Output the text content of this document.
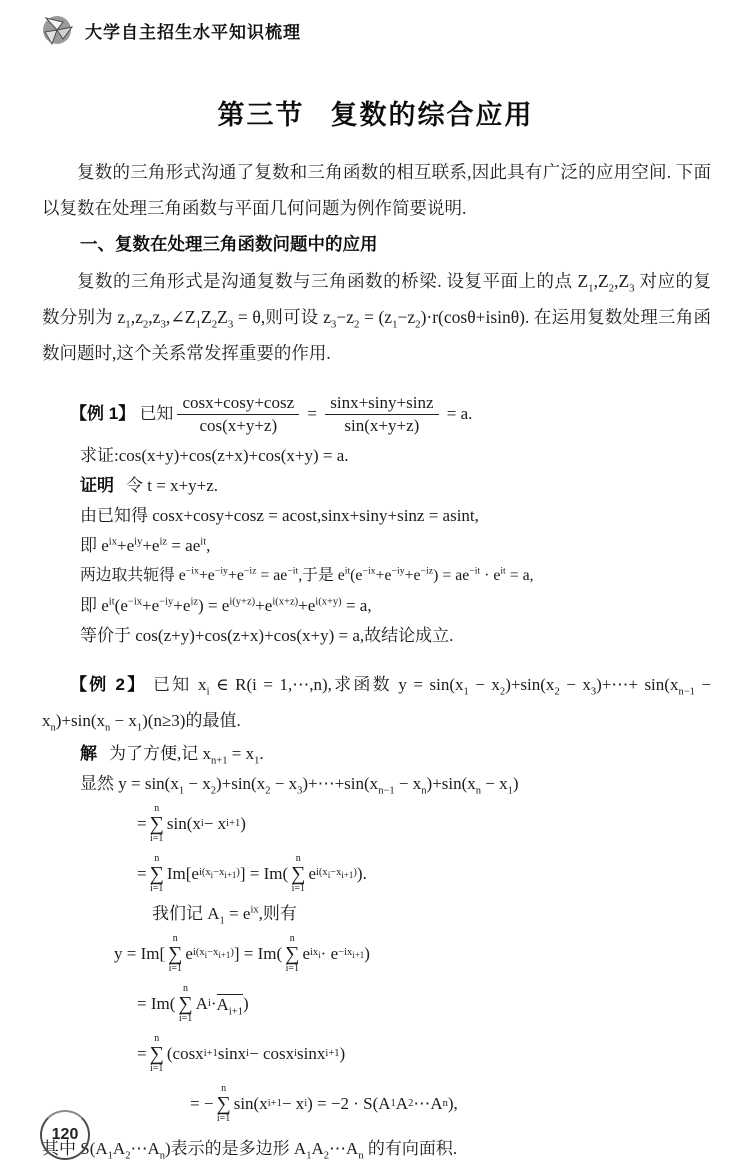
大学自主招生水平知识梳理
第三节 复数的综合应用

复数的三角形式沟通了复数和三角函数的相互联系,因此具有广泛的应用空间. 下面以复数在处理三角函数与平面几何问题为例作简要说明.

一、复数在处理三角函数问题中的应用

复数的三角形式是沟通复数与三角函数的桥梁. 设复平面上的点 $Z_1,Z_2,Z_3$ 对应的复数分别为 $z_1,z_2,z_3,\angle Z_1Z_2Z_3 = \theta$,则可设 $z_3-z_2 = (z_1-z_2)\cdot r(\cos\theta+isin\theta)$. 在运用复数处理三角函数问题时,这个关系常发挥重要的作用.

【例 1】 已知 $\frac{\cos x+\cos y+\cos z}{\cos(x+y+z)} = \frac{\sin x+\sin y+\sin z}{\sin(x+y+z)} = a$.
求证:cos(x+y)+cos(z+x)+cos(x+y) = a.
证明 令 t = x+y+z.
由已知得 cosx+cosy+cosz = acost,sinx+siny+sinz = asint,
即 $e^{ix}+e^{iy}+e^{iz} = ae^{it}$,
两边取共轭得 $e^{-ix}+e^{-iy}+e^{-iz} = ae^{-it}$,于是 $e^{it}(e^{-ix}+e^{-iy}+e^{-iz}) = ae^{-it} \cdot e^{it} = a$,
即 $e^{it}(e^{-ix}+e^{-iy}+e^{iz}) = e^{i(y+z)}+e^{i(x+z)}+e^{i(x+y)} = a$,
等价于 cos(z+y)+cos(z+x)+cos(x+y) = a,故结论成立.
【例 2】 已知 $x_i$ ∈ R(i = 1,⋯,n),求函数 $y = \sin(x_1 - x_2)+\sin(x_2$ − $x_3)+\cdots+ \sin(x_{n-1} - x_n)+\sin(x_n - x_1)(n\ge 3)$的最值.
解 为了方便,记 $x_{n+1} = x_1$.
显然 $y = \sin(x_1 - x_2)+\sin(x_2$ − $x_3)+\cdots+\sin(x_{n-1} - x_n)+\sin(x_n - x_1)$
=
n
∑
i=1
sin(x i − x i+1 )
=
n
∑
i=1
Im[e $i(x_i-x_{i+1})$ ] = Im(
n
∑
i=1
e $i(x_i-x_{i+1})$ ).
我们记 $A_1 = e^{ix}$,则有
y = Im[
n
∑
i=1
e $i(x_i-x_{i+1})$ ] = Im(
n
∑
i=1
e $ix_i \cdot e -ix_{i+1}$ )
= Im(
n
∑
i=1
A $i \cdot A_{i+1}$ )
=
n
∑
i=1
(cosx i+1 sinx i − cosx i sinx i+1 )
= −
n
∑
i=1
sin(x i+1 − x i ) = −2 · S(A 1 A 2 ⋯A n ),
其中 $S(A_1A_2\cdots A_n)$表示的是多边形 $A_1A_2\cdots A_n$ 的有向面积.
120
